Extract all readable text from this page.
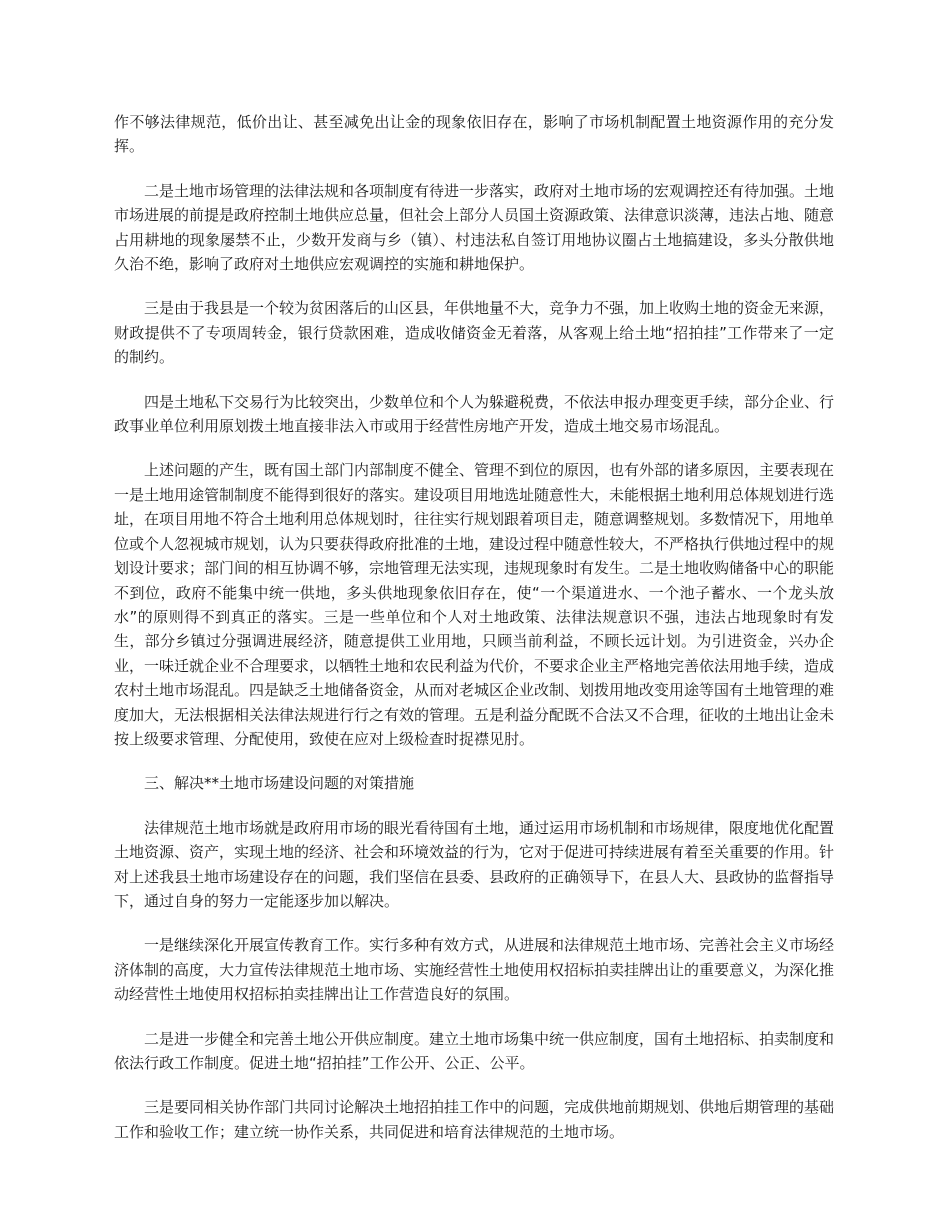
作不够法律规范，低价出让、甚至减免出让金的现象依旧存在，影响了市场机制配置土地资源作用的充分发挥。

二是土地市场管理的法律法规和各项制度有待进一步落实，政府对土地市场的宏观调控还有待加强。土地市场进展的前提是政府控制土地供应总量，但社会上部分人员国土资源政策、法律意识淡薄，违法占地、随意占用耕地的现象屡禁不止，少数开发商与乡（镇）、村违法私自签订用地协议圈占土地搞建设，多头分散供地久治不绝，影响了政府对土地供应宏观调控的实施和耕地保护。

三是由于我县是一个较为贫困落后的山区县，年供地量不大，竞争力不强，加上收购土地的资金无来源，财政提供不了专项周转金，银行贷款困难，造成收储资金无着落，从客观上给土地“招拍挂”工作带来了一定的制约。

四是土地私下交易行为比较突出，少数单位和个人为躲避税费，不依法申报办理变更手续，部分企业、行政事业单位利用原划拨土地直接非法入市或用于经营性房地产开发，造成土地交易市场混乱。

上述问题的产生，既有国土部门内部制度不健全、管理不到位的原因，也有外部的诸多原因，主要表现在一是土地用途管制制度不能得到很好的落实。建设项目用地选址随意性大，未能根据土地利用总体规划进行选址，在项目用地不符合土地利用总体规划时，往往实行规划跟着项目走，随意调整规划。多数情况下，用地单位或个人忽视城市规划，认为只要获得政府批准的土地，建设过程中随意性较大，不严格执行供地过程中的规划设计要求；部门间的相互协调不够，宗地管理无法实现，违规现象时有发生。二是土地收购储备中心的职能不到位，政府不能集中统一供地，多头供地现象依旧存在，使“一个渠道进水、一个池子蓄水、一个龙头放水”的原则得不到真正的落实。三是一些单位和个人对土地政策、法律法规意识不强，违法占地现象时有发生，部分乡镇过分强调进展经济，随意提供工业用地，只顾当前利益，不顾长远计划。为引进资金，兴办企业，一味迁就企业不合理要求，以牺牲土地和农民利益为代价，不要求企业主严格地完善依法用地手续，造成农村土地市场混乱。四是缺乏土地储备资金，从而对老城区企业改制、划拨用地改变用途等国有土地管理的难度加大，无法根据相关法律法规进行行之有效的管理。五是利益分配既不合法又不合理，征收的土地出让金未按上级要求管理、分配使用，致使在应对上级检查时捉襟见肘。

三、解决**土地市场建设问题的对策措施

法律规范土地市场就是政府用市场的眼光看待国有土地，通过运用市场机制和市场规律，限度地优化配置土地资源、资产，实现土地的经济、社会和环境效益的行为，它对于促进可持续进展有着至关重要的作用。针对上述我县土地市场建设存在的问题，我们坚信在县委、县政府的正确领导下，在县人大、县政协的监督指导下，通过自身的努力一定能逐步加以解决。

一是继续深化开展宣传教育工作。实行多种有效方式，从进展和法律规范土地市场、完善社会主义市场经济体制的高度，大力宣传法律规范土地市场、实施经营性土地使用权招标拍卖挂牌出让的重要意义，为深化推动经营性土地使用权招标拍卖挂牌出让工作营造良好的氛围。

二是进一步健全和完善土地公开供应制度。建立土地市场集中统一供应制度，国有土地招标、拍卖制度和依法行政工作制度。促进土地“招拍挂”工作公开、公正、公平。

三是要同相关协作部门共同讨论解决土地招拍挂工作中的问题，完成供地前期规划、供地后期管理的基础工作和验收工作；建立统一协作关系，共同促进和培育法律规范的土地市场。
